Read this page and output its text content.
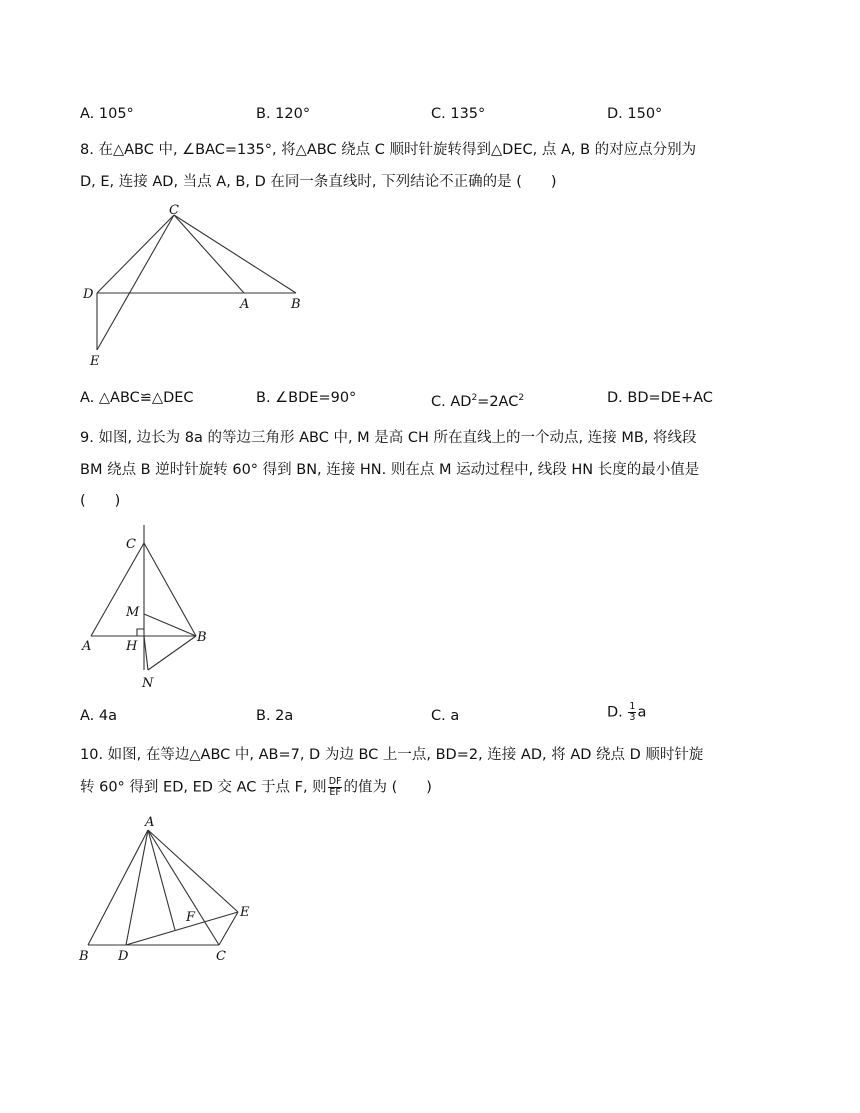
A. 105°	B. 120°	C. 135°	D. 150°
8. 在△ABC 中, ∠BAC=135°, 将△ABC 绕点 C 顺时针旋转得到△DEC, 点 A, B 的对应点分别为
D, E, 连接 AD, 当点 A, B, D 在同一条直线时, 下列结论不正确的是 (　　)
C
D
A	B
E
A. △ABC≌△DEC	B. ∠BDE=90°	C. $AD^2=2AC^2$	D. BD=DE+AC
9. 如图, 边长为 8a 的等边三角形 ABC 中, M 是高 CH 所在直线上的一个动点, 连接 MB, 将线段
BM 绕点 B 逆时针旋转 60° 得到 BN, 连接 HN. 则在点 M 运动过程中, 线段 HN 长度的最小值是
(　　)
C
M
A	H
B
N
A. 4a	B. 2a	C. a	D. $\frac{1}{3}$ a
10. 如图, 在等边△ABC 中, AB=7, D 为边 BC 上一点, BD=2, 连接 AD, 将 AD 绕点 D 顺时针旋
转 60° 得到 ED, ED 交 AC 于点 F, 则 $\frac{DF}{EF}$ 的值为 (　　)
A
F	E
B D	C
